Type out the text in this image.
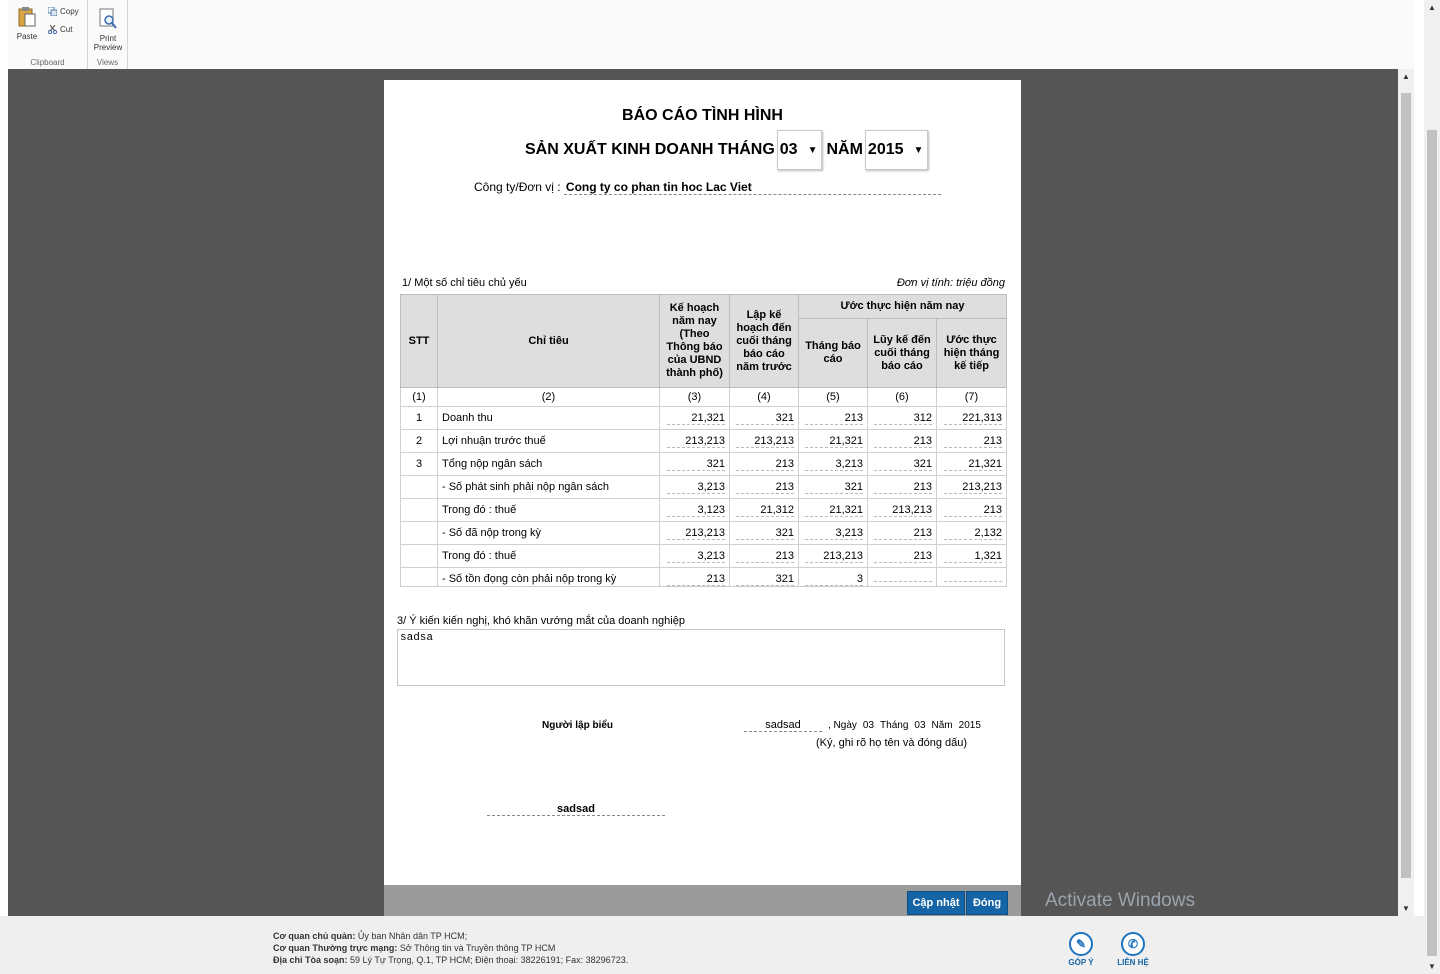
Paste
Copy
Cut
Clipboard
Print
Preview
Views
▲
▼
▲
▼
BÁO CÁO TÌNH HÌNH
SẢN XUẤT KINH DOANH THÁNG 03 ▼ NĂM 2015 ▼
Công ty/Đơn vị : Cong ty co phan tin hoc Lac Viet
1/ Một số chỉ tiêu chủ yếu	Đơn vị tính: triệu đồng
STT	Chỉ tiêu	Kế hoạch năm nay (Theo Thông báo của UBND thành phố)	Lập kế hoạch đến cuối tháng báo cáo năm trước	Ước thực hiện năm nay		
				Tháng báo cáo	Lũy kế đến cuối tháng báo cáo	Ước thực hiện tháng kế tiếp
(1)	(2)	(3)	(4)	(5)	(6)	(7)
1	Doanh thu	21,321	321	213	312	221,313
2	Lợi nhuận trước thuế	213,213	213,213	21,321	213	213
3	Tổng nộp ngân sách	321	213	3,213	321	21,321
	- Số phát sinh phải nộp ngân sách	3,213	213	321	213	213,213
	Trong đó : thuế	3,123	21,312	21,321	213,213	213
	- Số đã nộp trong kỳ	213,213	321	3,213	213	2,132
	Trong đó : thuế	3,213	213	213,213	213	1,321
	- Số tồn đọng còn phải nộp trong kỳ	213	321	3		
3/ Ý kiến kiến nghị, khó khăn vướng mắt của doanh nghiệp
sadsa
Người lập biểu	sadsad	, Ngày 03 Tháng 03 Năm 2015
(Ký, ghi rõ họ tên và đóng dấu)
sadsad
Cập nhật	Đóng	Activate Windows
Cơ quan chủ quản: Ủy ban Nhân dân TP HCM;
Cơ quan Thường trực mạng: Sở Thông tin và Truyền thông TP HCM
Địa chỉ Tòa soạn: 59 Lý Tự Trọng, Q.1, TP HCM; Điện thoại: 38226191; Fax: 38296723.
✎
GÓP Ý
✆
LIÊN HỆ
